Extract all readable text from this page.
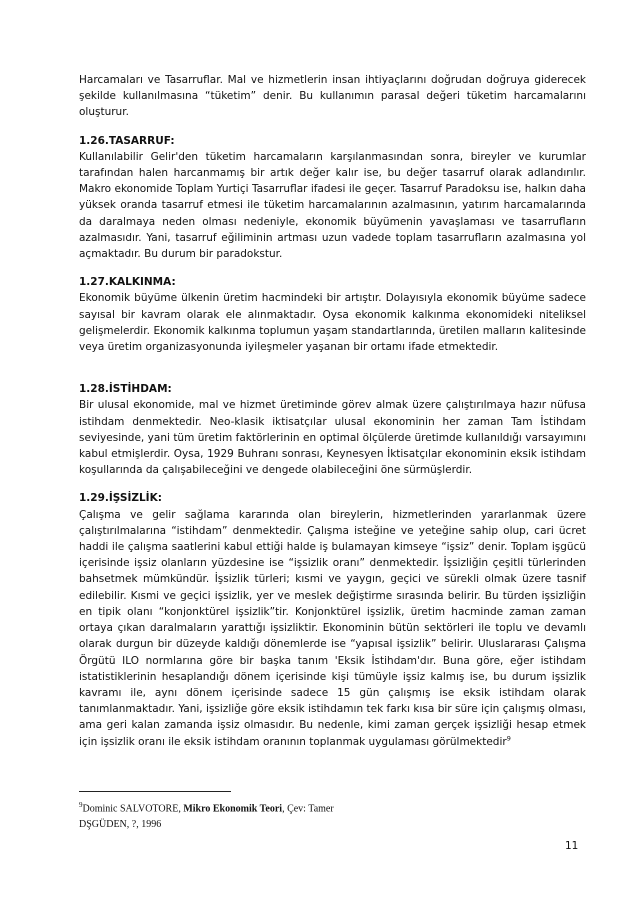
Harcamaları ve Tasarruflar. Mal ve hizmetlerin insan ihtiyaçlarını doğrudan doğruya giderecek şekilde kullanılmasına “tüketim” denir. Bu kullanımın parasal değeri tüketim harcamalarını oluşturur.

1.26.TASARRUF:

Kullanılabilir Gelir'den tüketim harcamaların karşılanmasından sonra, bireyler ve kurumlar tarafından halen harcanmamış bir artık değer kalır ise, bu değer tasarruf olarak adlandırılır. Makro ekonomide Toplam Yurtiçi Tasarruflar ifadesi ile geçer. Tasarruf Paradoksu ise, halkın daha yüksek oranda tasarruf etmesi ile tüketim harcamalarının azalmasının, yatırım harcamalarında da daralmaya neden olması nedeniyle, ekonomik büyümenin yavaşlaması ve tasarrufların azalmasıdır. Yani, tasarruf eğiliminin artması uzun vadede toplam tasarrufların azalmasına yol açmaktadır. Bu durum bir paradokstur.

1.27.KALKINMA:

Ekonomik büyüme ülkenin üretim hacmindeki bir artıştır. Dolayısıyla ekonomik büyüme sadece sayısal bir kavram olarak ele alınmaktadır. Oysa ekonomik kalkınma ekonomideki niteliksel gelişmelerdir. Ekonomik kalkınma toplumun yaşam standartlarında, üretilen malların kalitesinde veya üretim organizasyonunda iyileşmeler yaşanan bir ortamı ifade etmektedir.

1.28.İSTİHDAM:

Bir ulusal ekonomide, mal ve hizmet üretiminde görev almak üzere çalıştırılmaya hazır nüfusa istihdam denmektedir. Neo-klasik iktisatçılar ulusal ekonominin her zaman Tam İstihdam seviyesinde, yani tüm üretim faktörlerinin en optimal ölçülerde üretimde kullanıldığı varsayımını kabul etmişlerdir. Oysa, 1929 Buhranı sonrası, Keynesyen İktisatçılar ekonominin eksik istihdam koşullarında da çalışabileceğini ve dengede olabileceğini öne sürmüşlerdir.

1.29.İŞSİZLİK:

Çalışma ve gelir sağlama kararında olan bireylerin, hizmetlerinden yararlanmak üzere çalıştırılmalarına “istihdam” denmektedir. Çalışma isteğine ve yeteğine sahip olup, cari ücret haddi ile çalışma saatlerini kabul ettiği halde iş bulamayan kimseye “işsiz” denir. Toplam işgücü içerisinde işsiz olanların yüzdesine ise “işsizlik oranı” denmektedir. İşsizliğin çeşitli türlerinden bahsetmek mümkündür. İşsizlik türleri; kısmi ve yaygın, geçici ve sürekli olmak üzere tasnif edilebilir. Kısmi ve geçici işsizlik, yer ve meslek değiştirme sırasında belirir. Bu türden işsizliğin en tipik olanı “konjonktürel işsizlik”tir. Konjonktürel işsizlik, üretim hacminde zaman zaman ortaya çıkan daralmaların yarattığı işsizliktir. Ekonominin bütün sektörleri ile toplu ve devamlı olarak durgun bir düzeyde kaldığı dönemlerde ise “yapısal işsizlik” belirir. Uluslararası Çalışma Örgütü ILO normlarına göre bir başka tanım 'Eksik İstihdam'dır. Buna göre, eğer istihdam istatistiklerinin hesaplandığı dönem içerisinde kişi tümüyle işsiz kalmış ise, bu durum işsizlik kavramı ile, aynı dönem içerisinde sadece 15 gün çalışmış ise eksik istihdam olarak tanımlanmaktadır. Yani, işsizliğe göre eksik istihdamın tek farkı kısa bir süre için çalışmış olması, ama geri kalan zamanda işsiz olmasıdır. Bu nedenle, kimi zaman gerçek işsizliği hesap etmek için işsizlik oranı ile eksik istihdam oranının toplanmak uygulaması görülmektedir$^9$

$^9$Dominic SALVOTORE, Mikro Ekonomik Teori, Çev: Tamer
DŞGÜDEN, ?, 1996
11
